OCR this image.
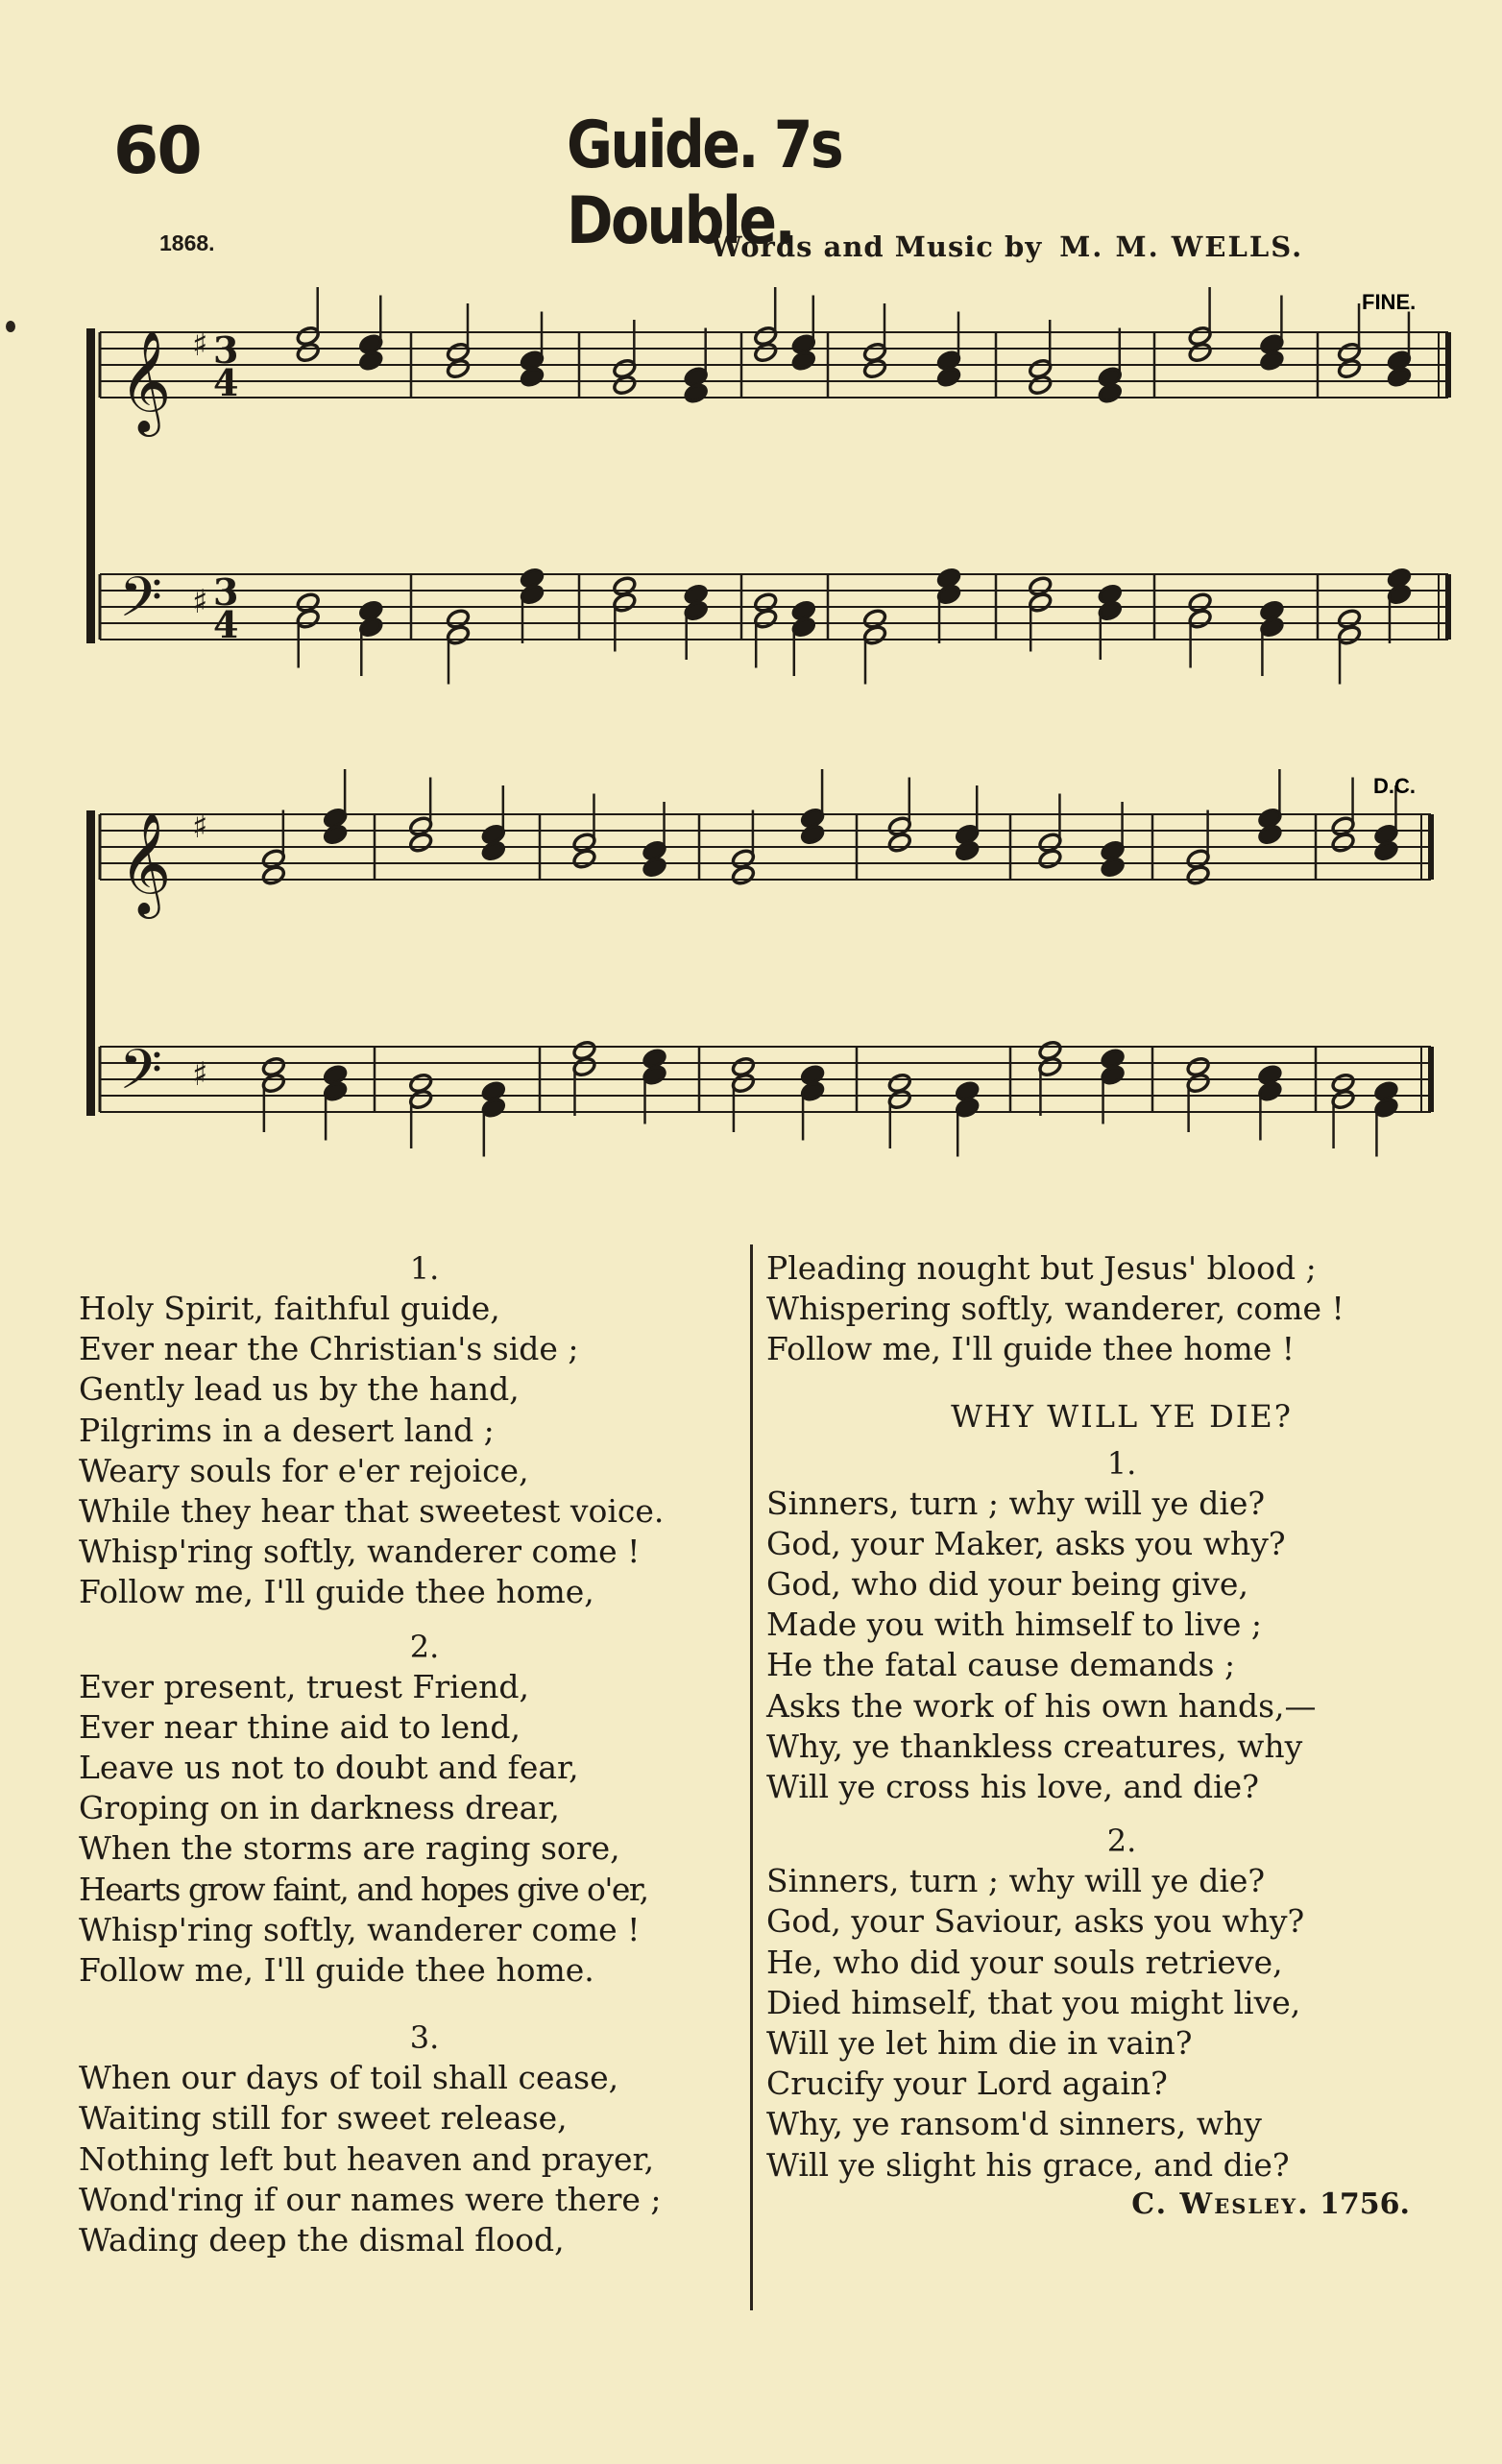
60	Guide. 7s Double.
1868.	Words and Music by M. M. WELLS.
𝄞 ♯ 3
4
𝄢 ♯ 3
4
𝄞 ♯
𝄢 ♯
FINE.
D.C.
1.
Holy Spirit, faithful guide,
Ever near the Christian's side ;
Gently lead us by the hand,
Pilgrims in a desert land ;
Weary souls for e'er rejoice,
While they hear that sweetest voice.
Whisp'ring softly, wanderer come !
Follow me, I'll guide thee home,
2.
Ever present, truest Friend,
Ever near thine aid to lend,
Leave us not to doubt and fear,
Groping on in darkness drear,
When the storms are raging sore,
Hearts grow faint, and hopes give o'er,
Whisp'ring softly, wanderer come !
Follow me, I'll guide thee home.
3.
When our days of toil shall cease,
Waiting still for sweet release,
Nothing left but heaven and prayer,
Wond'ring if our names were there ;
Wading deep the dismal flood,
Pleading nought but Jesus' blood ;
Whispering softly, wanderer, come !
Follow me, I'll guide thee home !
WHY WILL YE DIE?
1.
Sinners, turn ; why will ye die?
God, your Maker, asks you why?
God, who did your being give,
Made you with himself to live ;
He the fatal cause demands ;
Asks the work of his own hands,—
Why, ye thankless creatures, why
Will ye cross his love, and die?
2.
Sinners, turn ; why will ye die?
God, your Saviour, asks you why?
He, who did your souls retrieve,
Died himself, that you might live,
Will ye let him die in vain?
Crucify your Lord again?
Why, ye ransom'd sinners, why
Will ye slight his grace, and die?
C. Wesley. 1756.
